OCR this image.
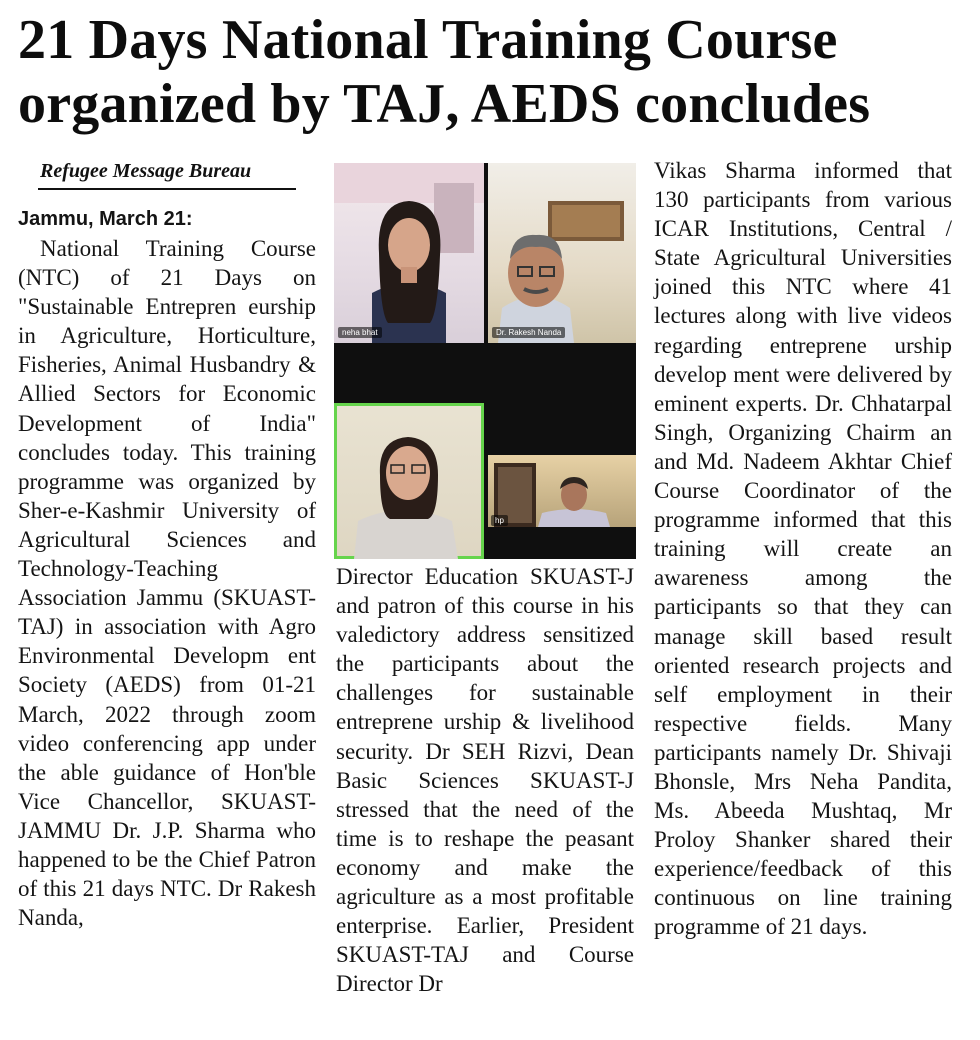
21 Days National Training Course
organized by TAJ, AEDS concludes
Refugee Message Bureau
Jammu, March 21:

National Training Course (NTC) of 21 Days on "Sustainable Entrepren eurship in Agriculture, Horticulture, Fisheries, Animal Husbandry & Allied Sectors for Economic Development of India" concludes today. This training programme was organized by Sher-e-Kashmir University of Agricultural Sciences and Technology-Teaching Association Jammu (SKUAST-TAJ) in association with Agro Environmental Developm ent Society (AEDS) from 01-21 March, 2022 through zoom video conferencing app under the able guidance of Hon'ble Vice Chancellor, SKUAST-JAMMU Dr. J.P. Sharma who happened to be the Chief Patron of this 21 days NTC. Dr Rakesh Nanda,

neha bhat	Dr. Rakesh Nanda
hp

Director Education SKUAST-J and patron of this course in his valedictory address sensitized the participants about the challenges for sustainable entreprene urship & livelihood security. Dr SEH Rizvi, Dean Basic Sciences SKUAST-J stressed that the need of the time is to reshape the peasant economy and make the agriculture as a most profitable enterprise. Earlier, President SKUAST-TAJ and Course Director Dr

Vikas Sharma informed that 130 participants from various ICAR Institutions, Central / State Agricultural Universities joined this NTC where 41 lectures along with live videos regarding entreprene urship develop ment were delivered by eminent experts. Dr. Chhatarpal Singh, Organizing Chairm an and Md. Nadeem Akhtar Chief Course Coordinator of the programme informed that this training will create an awareness among the participants so that they can manage skill based result oriented research projects and self employment in their respective fields. Many participants namely Dr. Shivaji Bhonsle, Mrs Neha Pandita, Ms. Abeeda Mushtaq, Mr Proloy Shanker shared their experience/feedback of this continuous on line training programme of 21 days.
